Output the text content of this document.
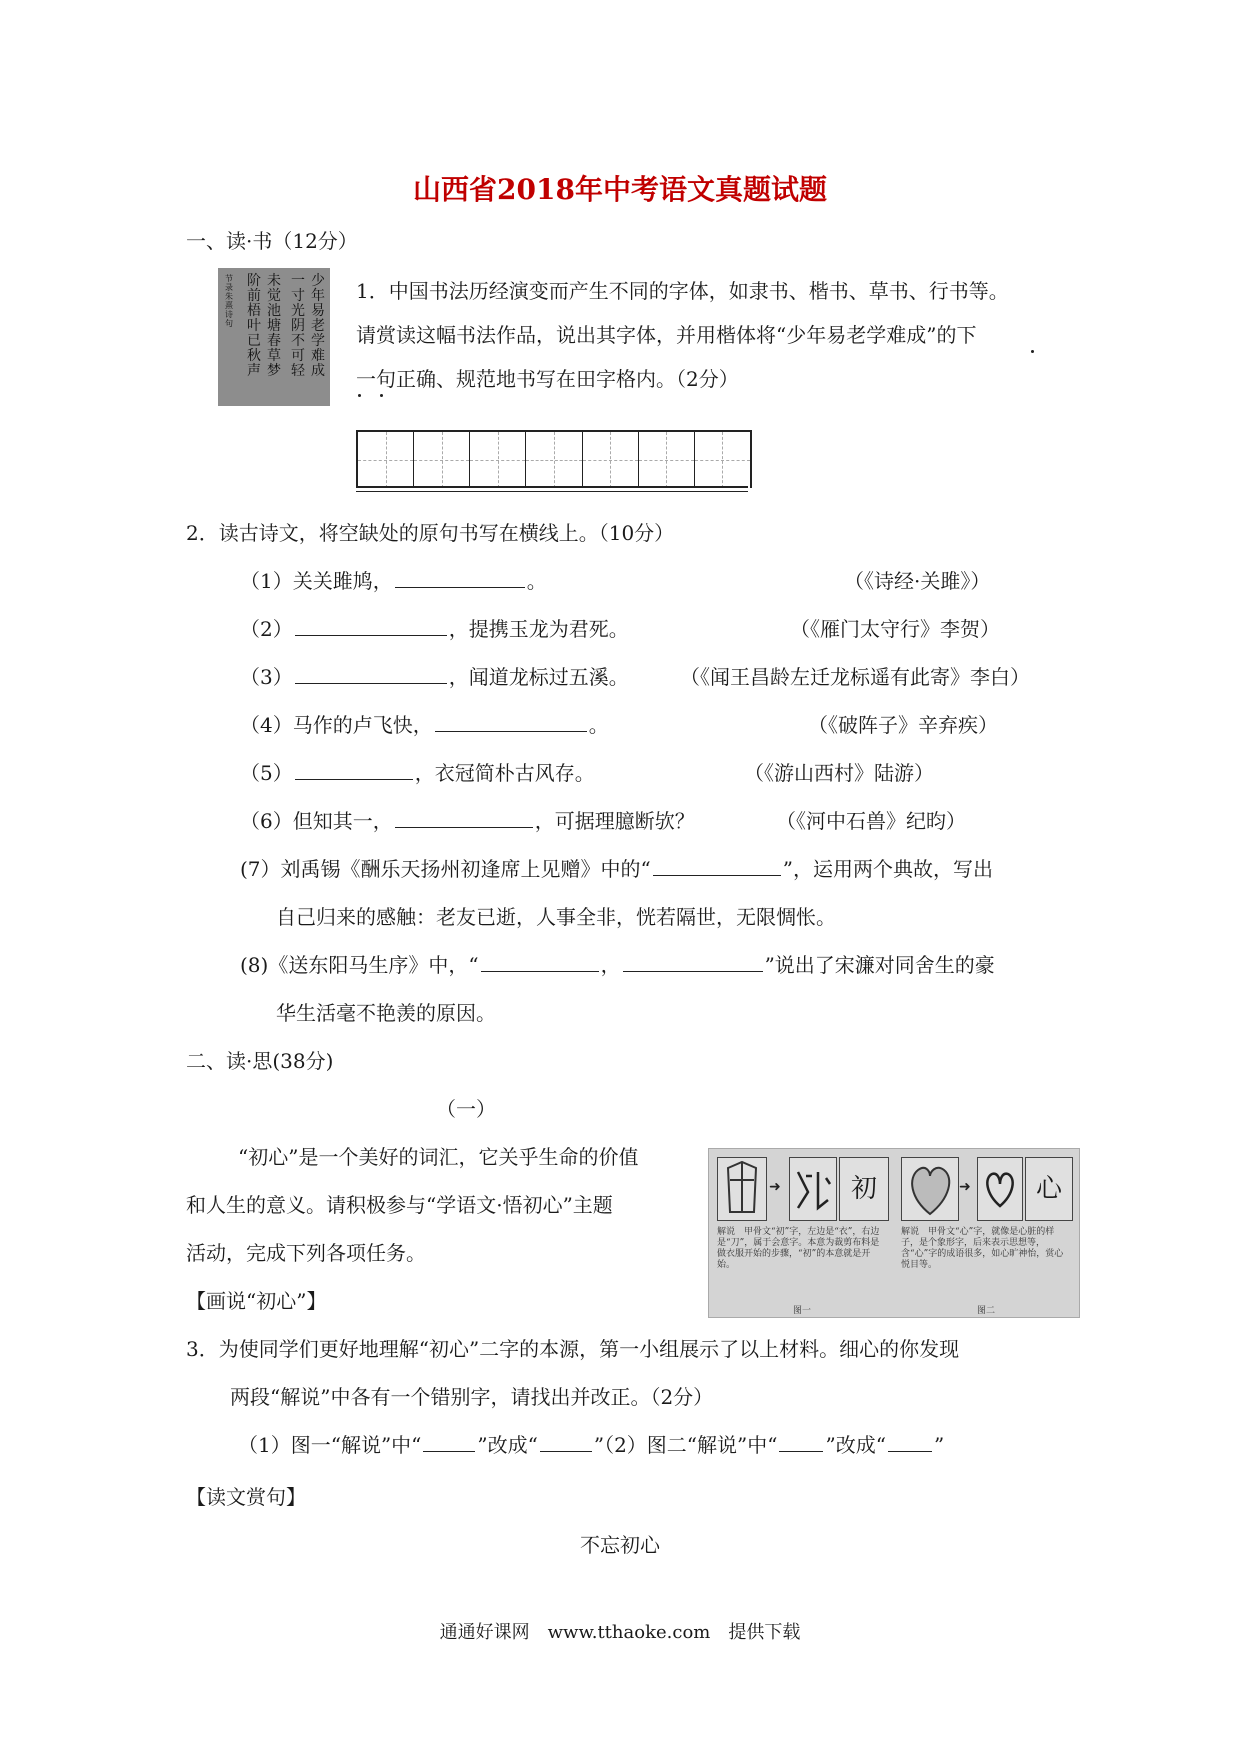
山西省2018年中考语文真题试题
一、读·书（12分）
少年易老学难成
一寸光阴不可轻
未觉池塘春草梦
阶前梧叶已秋声
节录朱熹诗句
1．中国书法历经演变而产生不同的字体，如隶书、楷书、草书、行书等。
请赏读这幅书法作品，说出其字体，并用楷体将“少年易老学难成”的下
一句正确、规范地书写在田字格内。（2分）
2．读古诗文，将空缺处的原句书写在横线上。（10分）
（1）关关雎鸠，	。	（《诗经·关雎》）
（2）	，提携玉龙为君死。	（《雁门太守行》李贺）
（3）	，闻道龙标过五溪。	（《闻王昌龄左迁龙标遥有此寄》李白）
（4）马作的卢飞快，	。	（《破阵子》辛弃疾）
（5）	，衣冠简朴古风存。	（《游山西村》陆游）
（6）但知其一，	，可据理臆断欤？	（《河中石兽》纪昀）
(7）刘禹锡《酬乐天扬州初逢席上见赠》中的“	”，运用两个典故，写出
自己归来的感触：老友已逝，人事全非，恍若隔世，无限惆怅。
(8)《送东阳马生序》中，“	，	”说出了宋濂对同舍生的豪
华生活毫不艳羡的原因。
二、读·思(38分)
（一）
“初心”是一个美好的词汇，它关乎生命的价值
和人生的意义。请积极参与“学语文·悟初心”主题
活动，完成下列各项任务。
【画说“初心”】
➜	初
解说　甲骨文“初”字，左边是“衣”，右边是“刀”，属于会意字。本意为裁剪布料是做衣服开始的步骤，“初”的本意就是开始。
图一
➜	心
解说　甲骨文“心”字，就像是心脏的样子，是个象形字，后来表示思想等，含“心”字的成语很多，如心旷神怡，赏心悦目等。
图二
3．为使同学们更好地理解“初心”二字的本源，第一小组展示了以上材料。细心的你发现
两段“解说”中各有一个错别字，请找出并改正。（2分）
（1）图一“解说”中“	”改成“	”（2）图二“解说”中“ ”改成“ ”
【读文赏句】
不忘初心
通通好课网　www.tthaoke.com　提供下载
